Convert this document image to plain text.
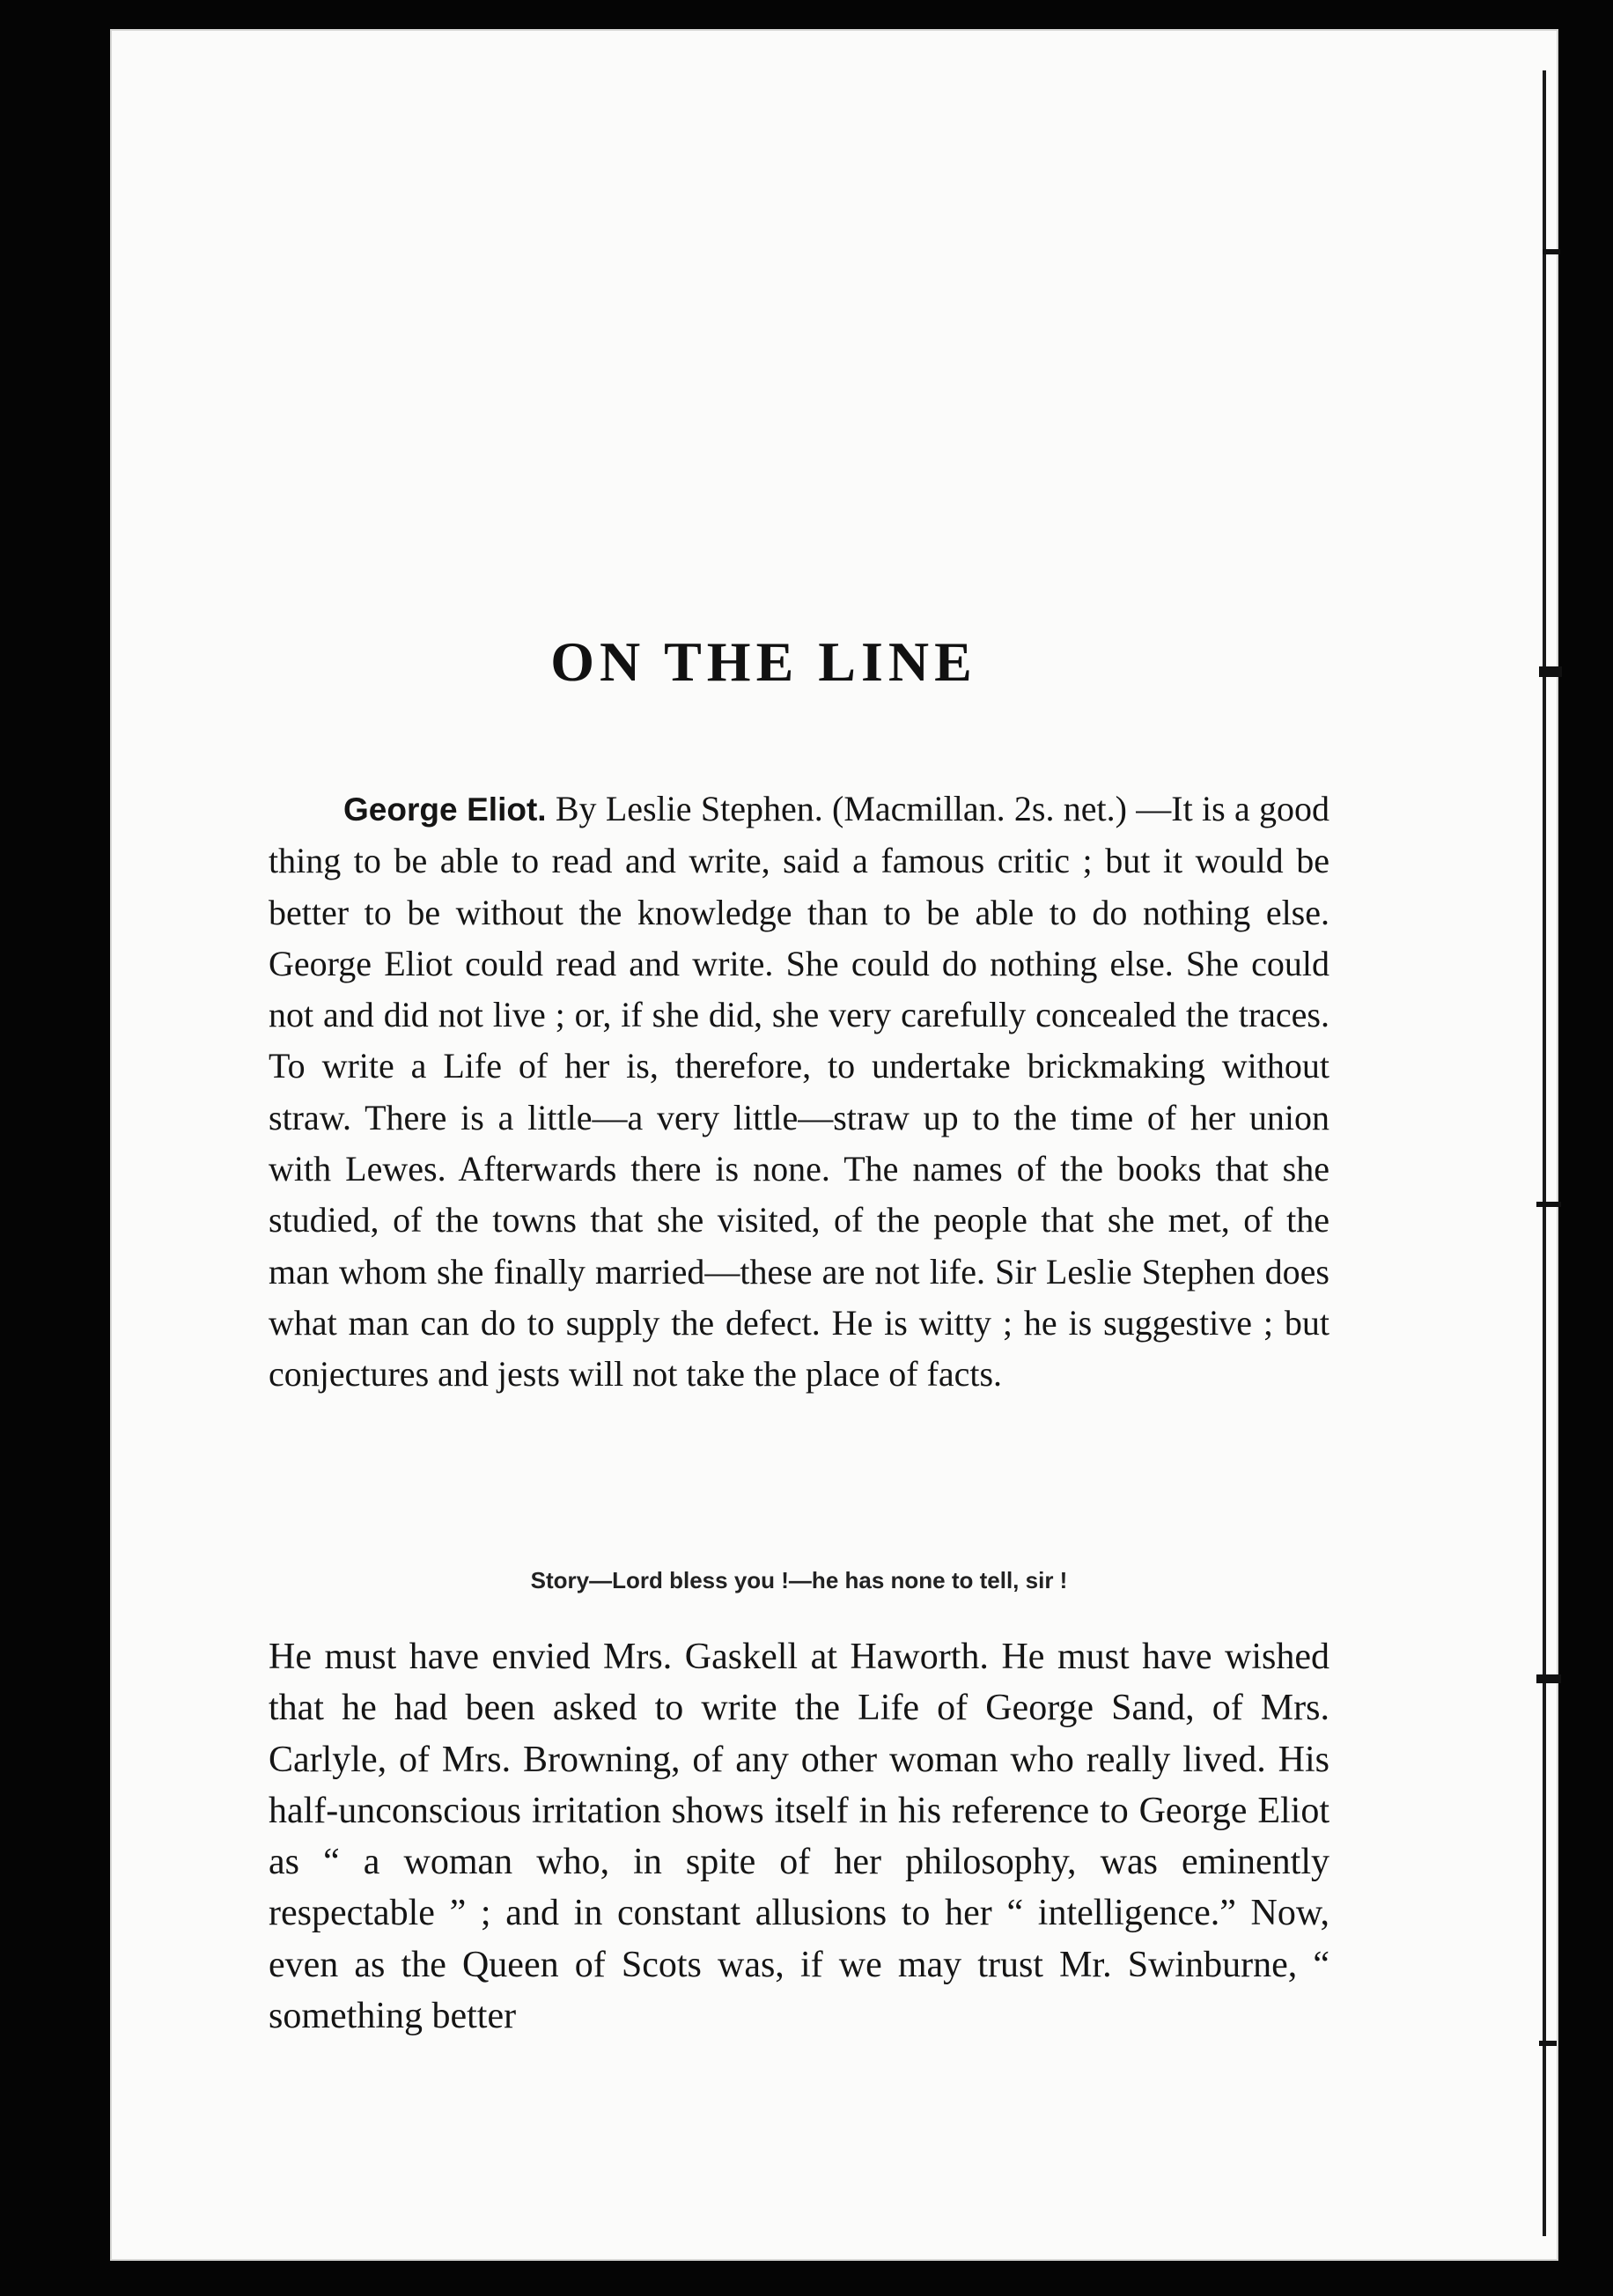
ON THE LINE

George Eliot. By Leslie Stephen. (Macmillan. 2s. net.) —It is a good thing to be able to read and write, said a famous critic ; but it would be better to be without the knowledge than to be able to do nothing else. George Eliot could read and write. She could do nothing else. She could not and did not live ; or, if she did, she very carefully concealed the traces. To write a Life of her is, therefore, to undertake brickmaking without straw. There is a little—a very little—straw up to the time of her union with Lewes. Afterwards there is none. The names of the books that she studied, of the towns that she visited, of the people that she met, of the man whom she finally married—these are not life. Sir Leslie Stephen does what man can do to supply the defect. He is witty ; he is suggestive ; but conjectures and jests will not take the place of facts.

Story—Lord bless you !—he has none to tell, sir !

He must have envied Mrs. Gaskell at Haworth. He must have wished that he had been asked to write the Life of George Sand, of Mrs. Carlyle, of Mrs. Browning, of any other woman who really lived. His half-unconscious irritation shows itself in his reference to George Eliot as “ a woman who, in spite of her philosophy, was eminently respectable ” ; and in constant allusions to her “ intelligence.” Now, even as the Queen of Scots was, if we may trust Mr. Swinburne, “ something better
